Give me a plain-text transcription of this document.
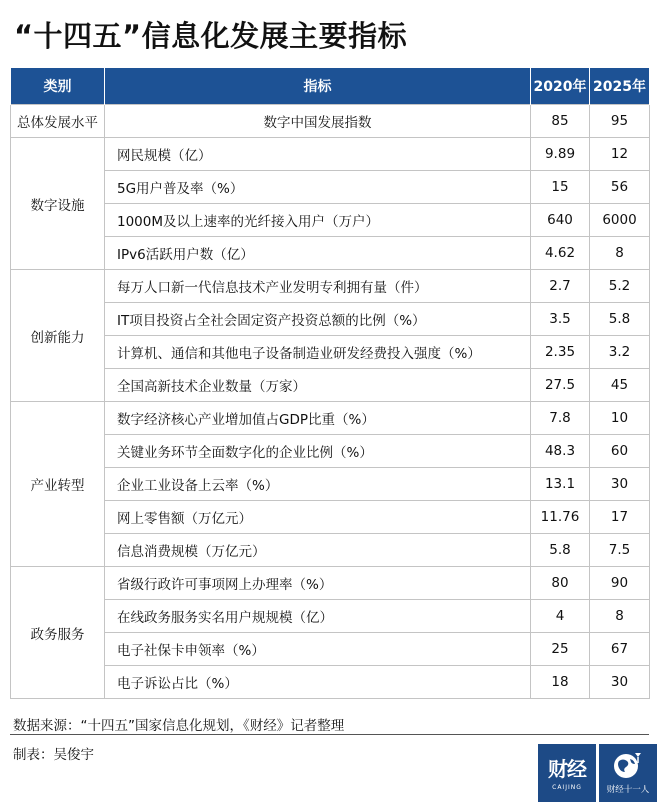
“十四五”信息化发展主要指标
类别	指标	2020年	2025年
总体发展水平	数字中国发展指数	85	95
数字设施	网民规模（亿）	9.89	12
	5G用户普及率（%）	15	56
	1000M及以上速率的光纤接入用户（万户）	640	6000
	IPv6活跃用户数（亿）	4.62	8
创新能力	每万人口新一代信息技术产业发明专利拥有量（件）	2.7	5.2
	IT项目投资占全社会固定资产投资总额的比例（%）	3.5	5.8
	计算机、通信和其他电子设备制造业研发经费投入强度（%）	2.35	3.2
	全国高新技术企业数量（万家）	27.5	45
产业转型	数字经济核心产业增加值占GDP比重（%）	7.8	10
	关键业务环节全面数字化的企业比例（%）	48.3	60
	企业工业设备上云率（%）	13.1	30
	网上零售额（万亿元）	11.76	17
	信息消费规模（万亿元）	5.8	7.5
政务服务	省级行政许可事项网上办理率（%）	80	90
	在线政务服务实名用户规规模（亿）	4	8
	电子社保卡申领率（%）	25	67
	电子诉讼占比（%）	18	30
数据来源：“十四五”国家信息化规划，《财经》记者整理
制表：吴俊宇
财经
CAIJING	财经十一人
